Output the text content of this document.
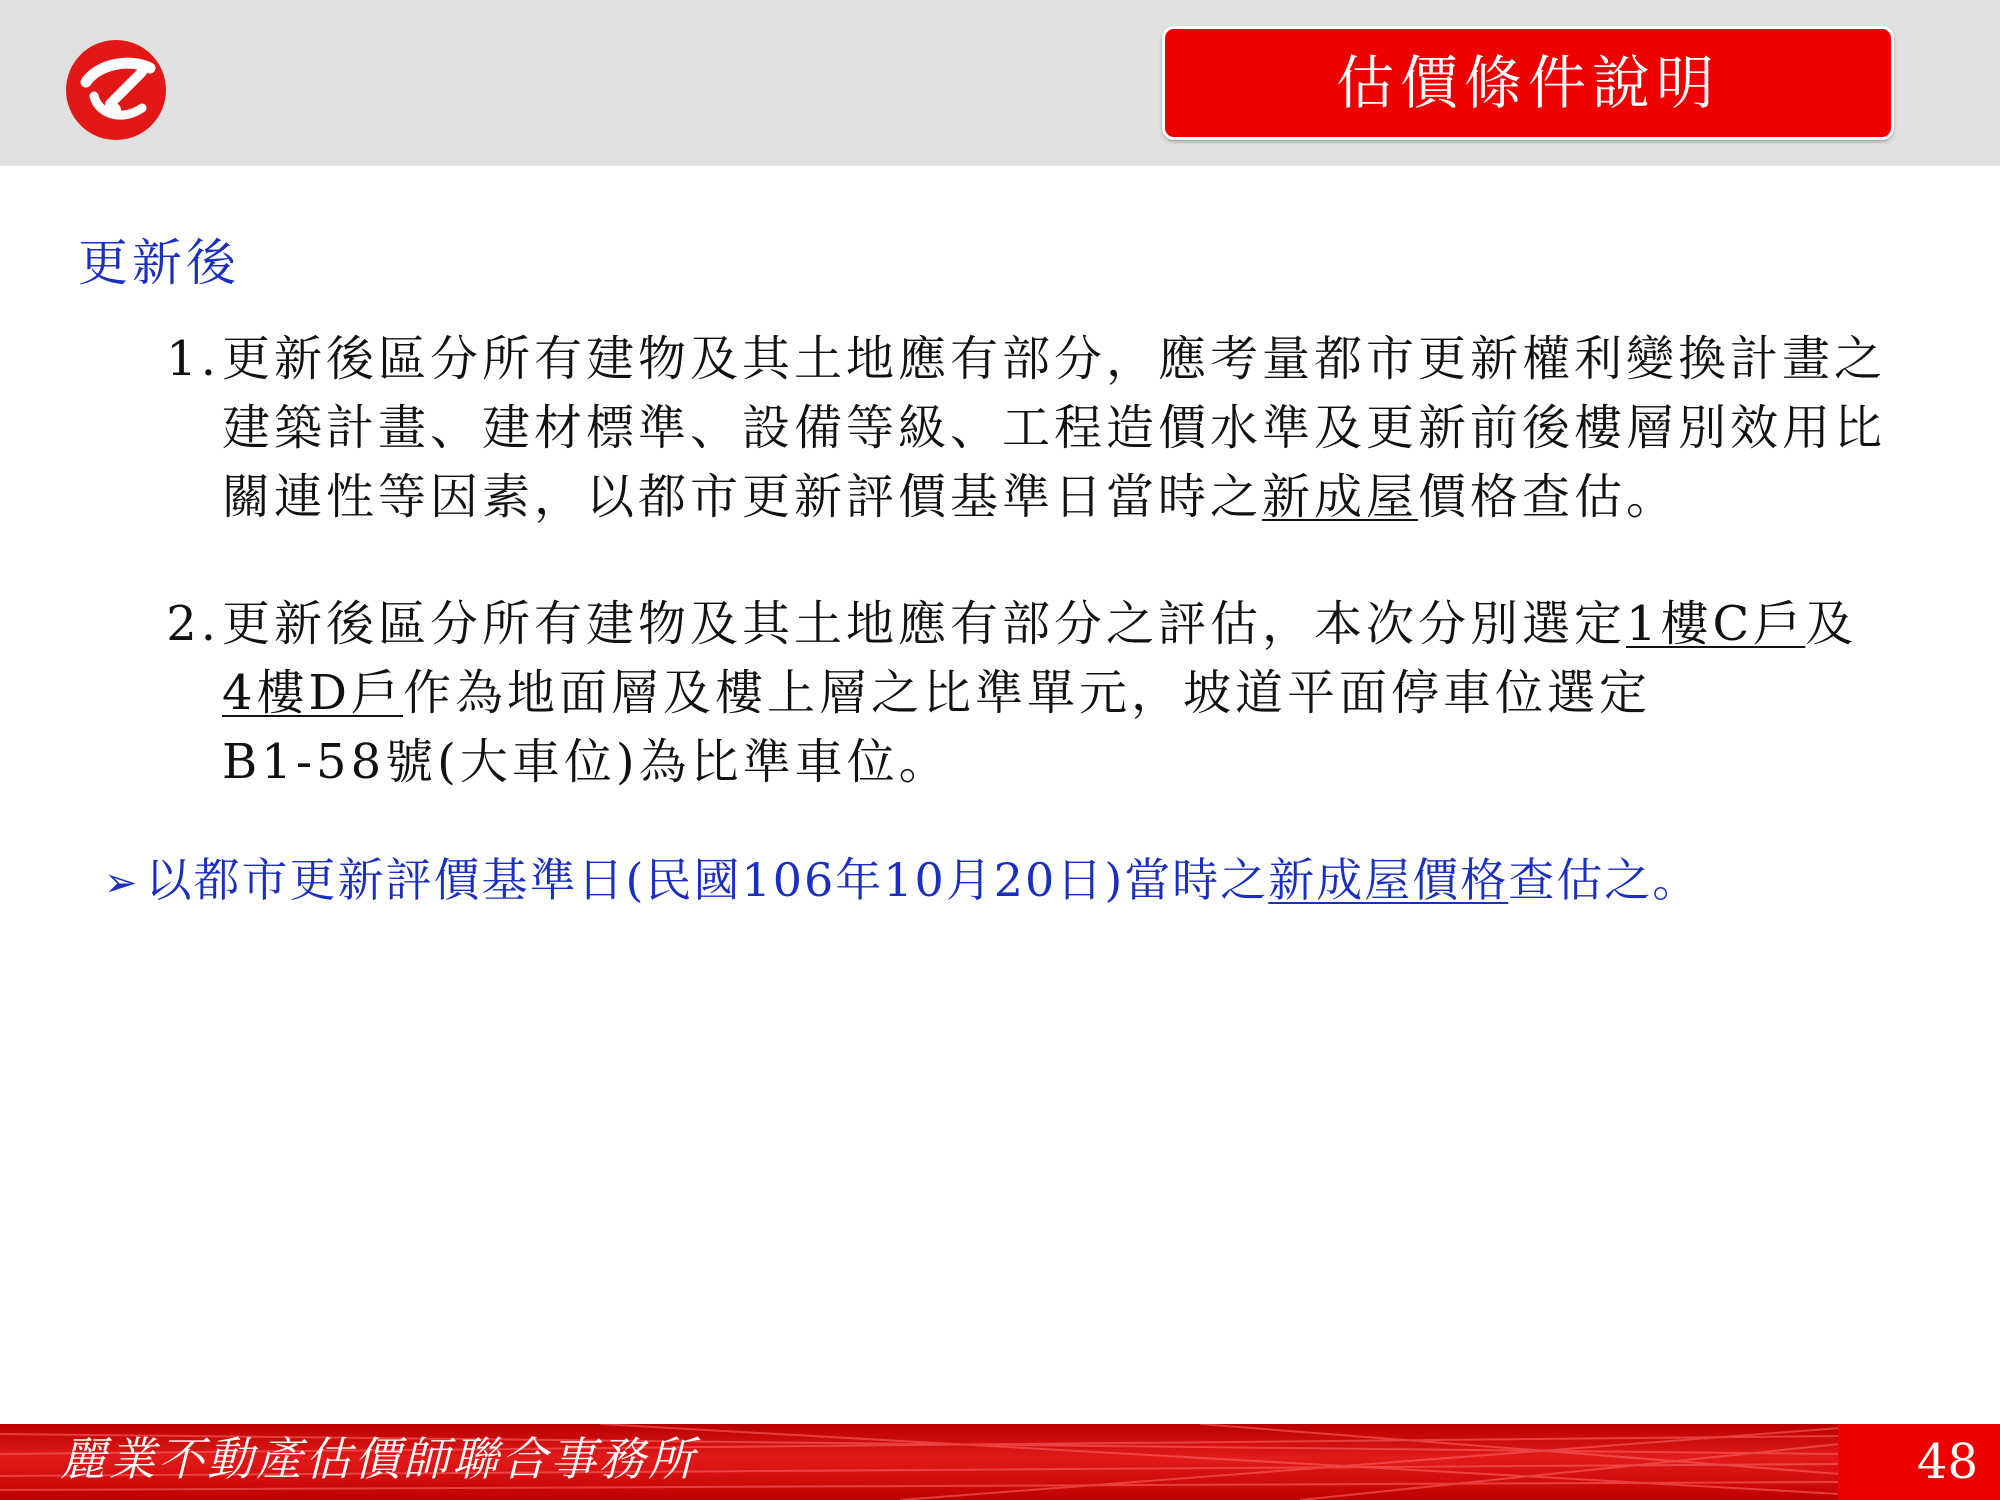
估價條件說明
更新後
1. 更新後區分所有建物及其土地應有部分，應考量都市更新權利變換計畫之建築計畫、建材標準、設備等級、工程造價水準及更新前後樓層別效用比關連性等因素，以都市更新評價基準日當時之新成屋價格查估。
2. 更新後區分所有建物及其土地應有部分之評估，本次分別選定1樓C戶及4樓D戶作為地面層及樓上層之比準單元，坡道平面停車位選定
B1-58號(大車位)為比準車位。
➢ 以都市更新評價基準日(民國106年10月20日)當時之新成屋價格查估之。
麗業不動產估價師聯合事務所	48
